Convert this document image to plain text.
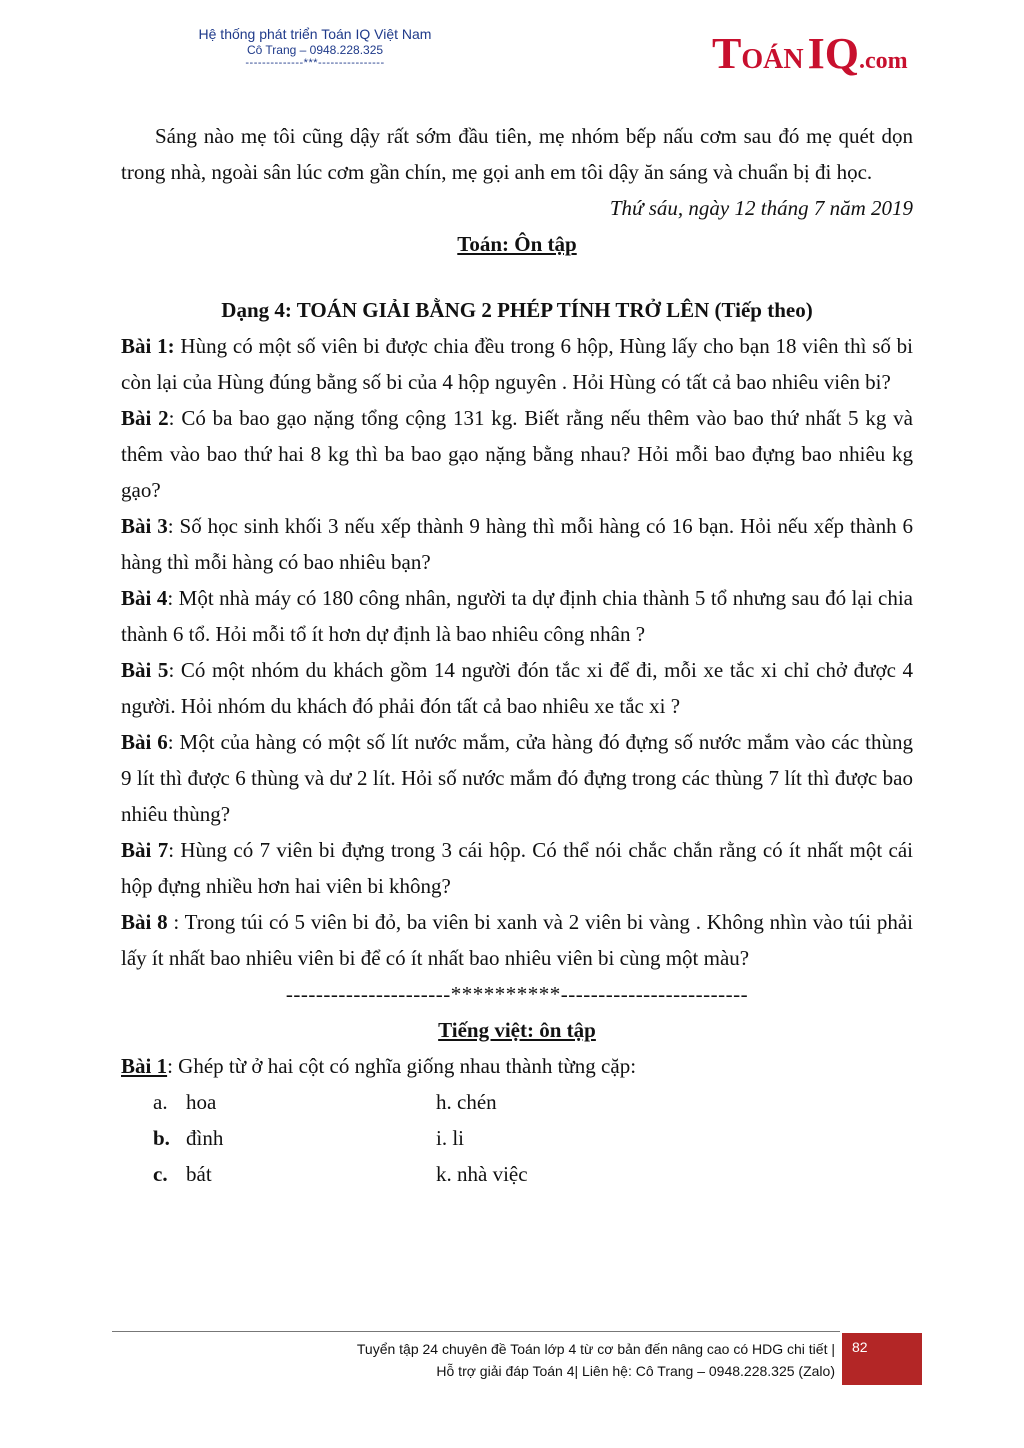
Hệ thống phát triển Toán IQ Việt Nam
Cô Trang – 0948.228.325
--------------***----------------	TOÁN IQ.com

Sáng nào mẹ tôi cũng dậy rất sớm đầu tiên, mẹ nhóm bếp nấu cơm sau đó mẹ quét dọn trong nhà, ngoài sân lúc cơm gần chín, mẹ gọi anh em tôi dậy ăn sáng và chuẩn bị đi học.

Thứ sáu, ngày 12 tháng 7 năm 2019

Toán: Ôn tập

Dạng 4: TOÁN GIẢI BẰNG 2 PHÉP TÍNH TRỞ LÊN (Tiếp theo)

Bài 1: Hùng có một số viên bi được chia đều trong 6 hộp, Hùng lấy cho bạn 18 viên thì số bi còn lại của Hùng đúng bằng số bi của 4 hộp nguyên . Hỏi Hùng có tất cả bao nhiêu viên bi?

Bài 2: Có ba bao gạo nặng tổng cộng 131 kg. Biết rằng nếu thêm vào bao thứ nhất 5 kg và thêm vào bao thứ hai 8 kg thì ba bao gạo nặng bằng nhau? Hỏi mỗi bao đựng bao nhiêu kg gạo?

Bài 3: Số học sinh khối 3 nếu xếp thành 9 hàng thì mỗi hàng có 16 bạn. Hỏi nếu xếp thành 6 hàng thì mỗi hàng có bao nhiêu bạn?

Bài 4: Một nhà máy có 180 công nhân, người ta dự định chia thành 5 tổ nhưng sau đó lại chia thành 6 tổ. Hỏi mỗi tổ ít hơn dự định là bao nhiêu công nhân ?

Bài 5: Có một nhóm du khách gồm 14 người đón tắc xi để đi, mỗi xe tắc xi chỉ chở được 4 người. Hỏi nhóm du khách đó phải đón tất cả bao nhiêu xe tắc xi ?

Bài 6: Một của hàng có một số lít nước mắm, cửa hàng đó đựng số nước mắm vào các thùng 9 lít thì được 6 thùng và dư 2 lít. Hỏi số nước mắm đó đựng trong các thùng 7 lít thì được bao nhiêu thùng?

Bài 7: Hùng có 7 viên bi đựng trong 3 cái hộp. Có thể nói chắc chắn rằng có ít nhất một cái hộp đựng nhiều hơn hai viên bi không?

Bài 8 : Trong túi có 5 viên bi đỏ, ba viên bi xanh và 2 viên bi vàng . Không nhìn vào túi phải lấy ít nhất bao nhiêu viên bi để có ít nhất bao nhiêu viên bi cùng một màu?

----------------------**********-------------------------

Tiếng việt: ôn tập

Bài 1: Ghép từ ở hai cột có nghĩa giống nhau thành từng cặp:

a. hoa	h. chén
b. đình	i. li
c. bát	k. nhà việc
Tuyển tập 24 chuyên đề Toán lớp 4 từ cơ bản đến nâng cao có HDG chi tiết |
Hỗ trợ giải đáp Toán 4| Liên hệ: Cô Trang – 0948.228.325 (Zalo)
82
